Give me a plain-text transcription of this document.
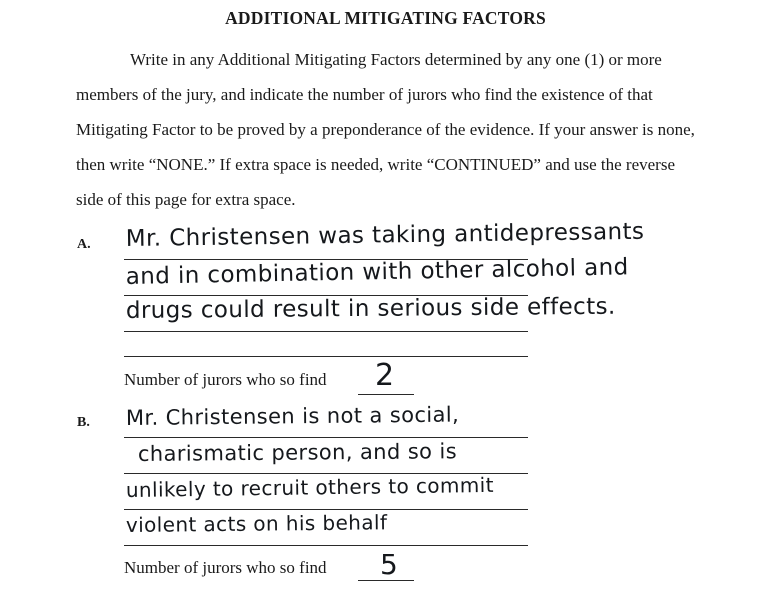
ADDITIONAL MITIGATING FACTORS

Write in any Additional Mitigating Factors determined by any one (1) or more members of the jury, and indicate the number of jurors who find the existence of that Mitigating Factor to be proved by a preponderance of the evidence. If your answer is none, then write “NONE.” If extra space is needed, write “CONTINUED” and use the reverse side of this page for extra space.

A. Mr. Christensen was taking antidepressants
and in combination with other alcohol and
drugs could result in serious side effects.
Number of jurors who so find 2
B. Mr. Christensen is not a social,
charismatic person, and so is
unlikely to recruit others to commit
violent acts on his behalf
Number of jurors who so find 5
